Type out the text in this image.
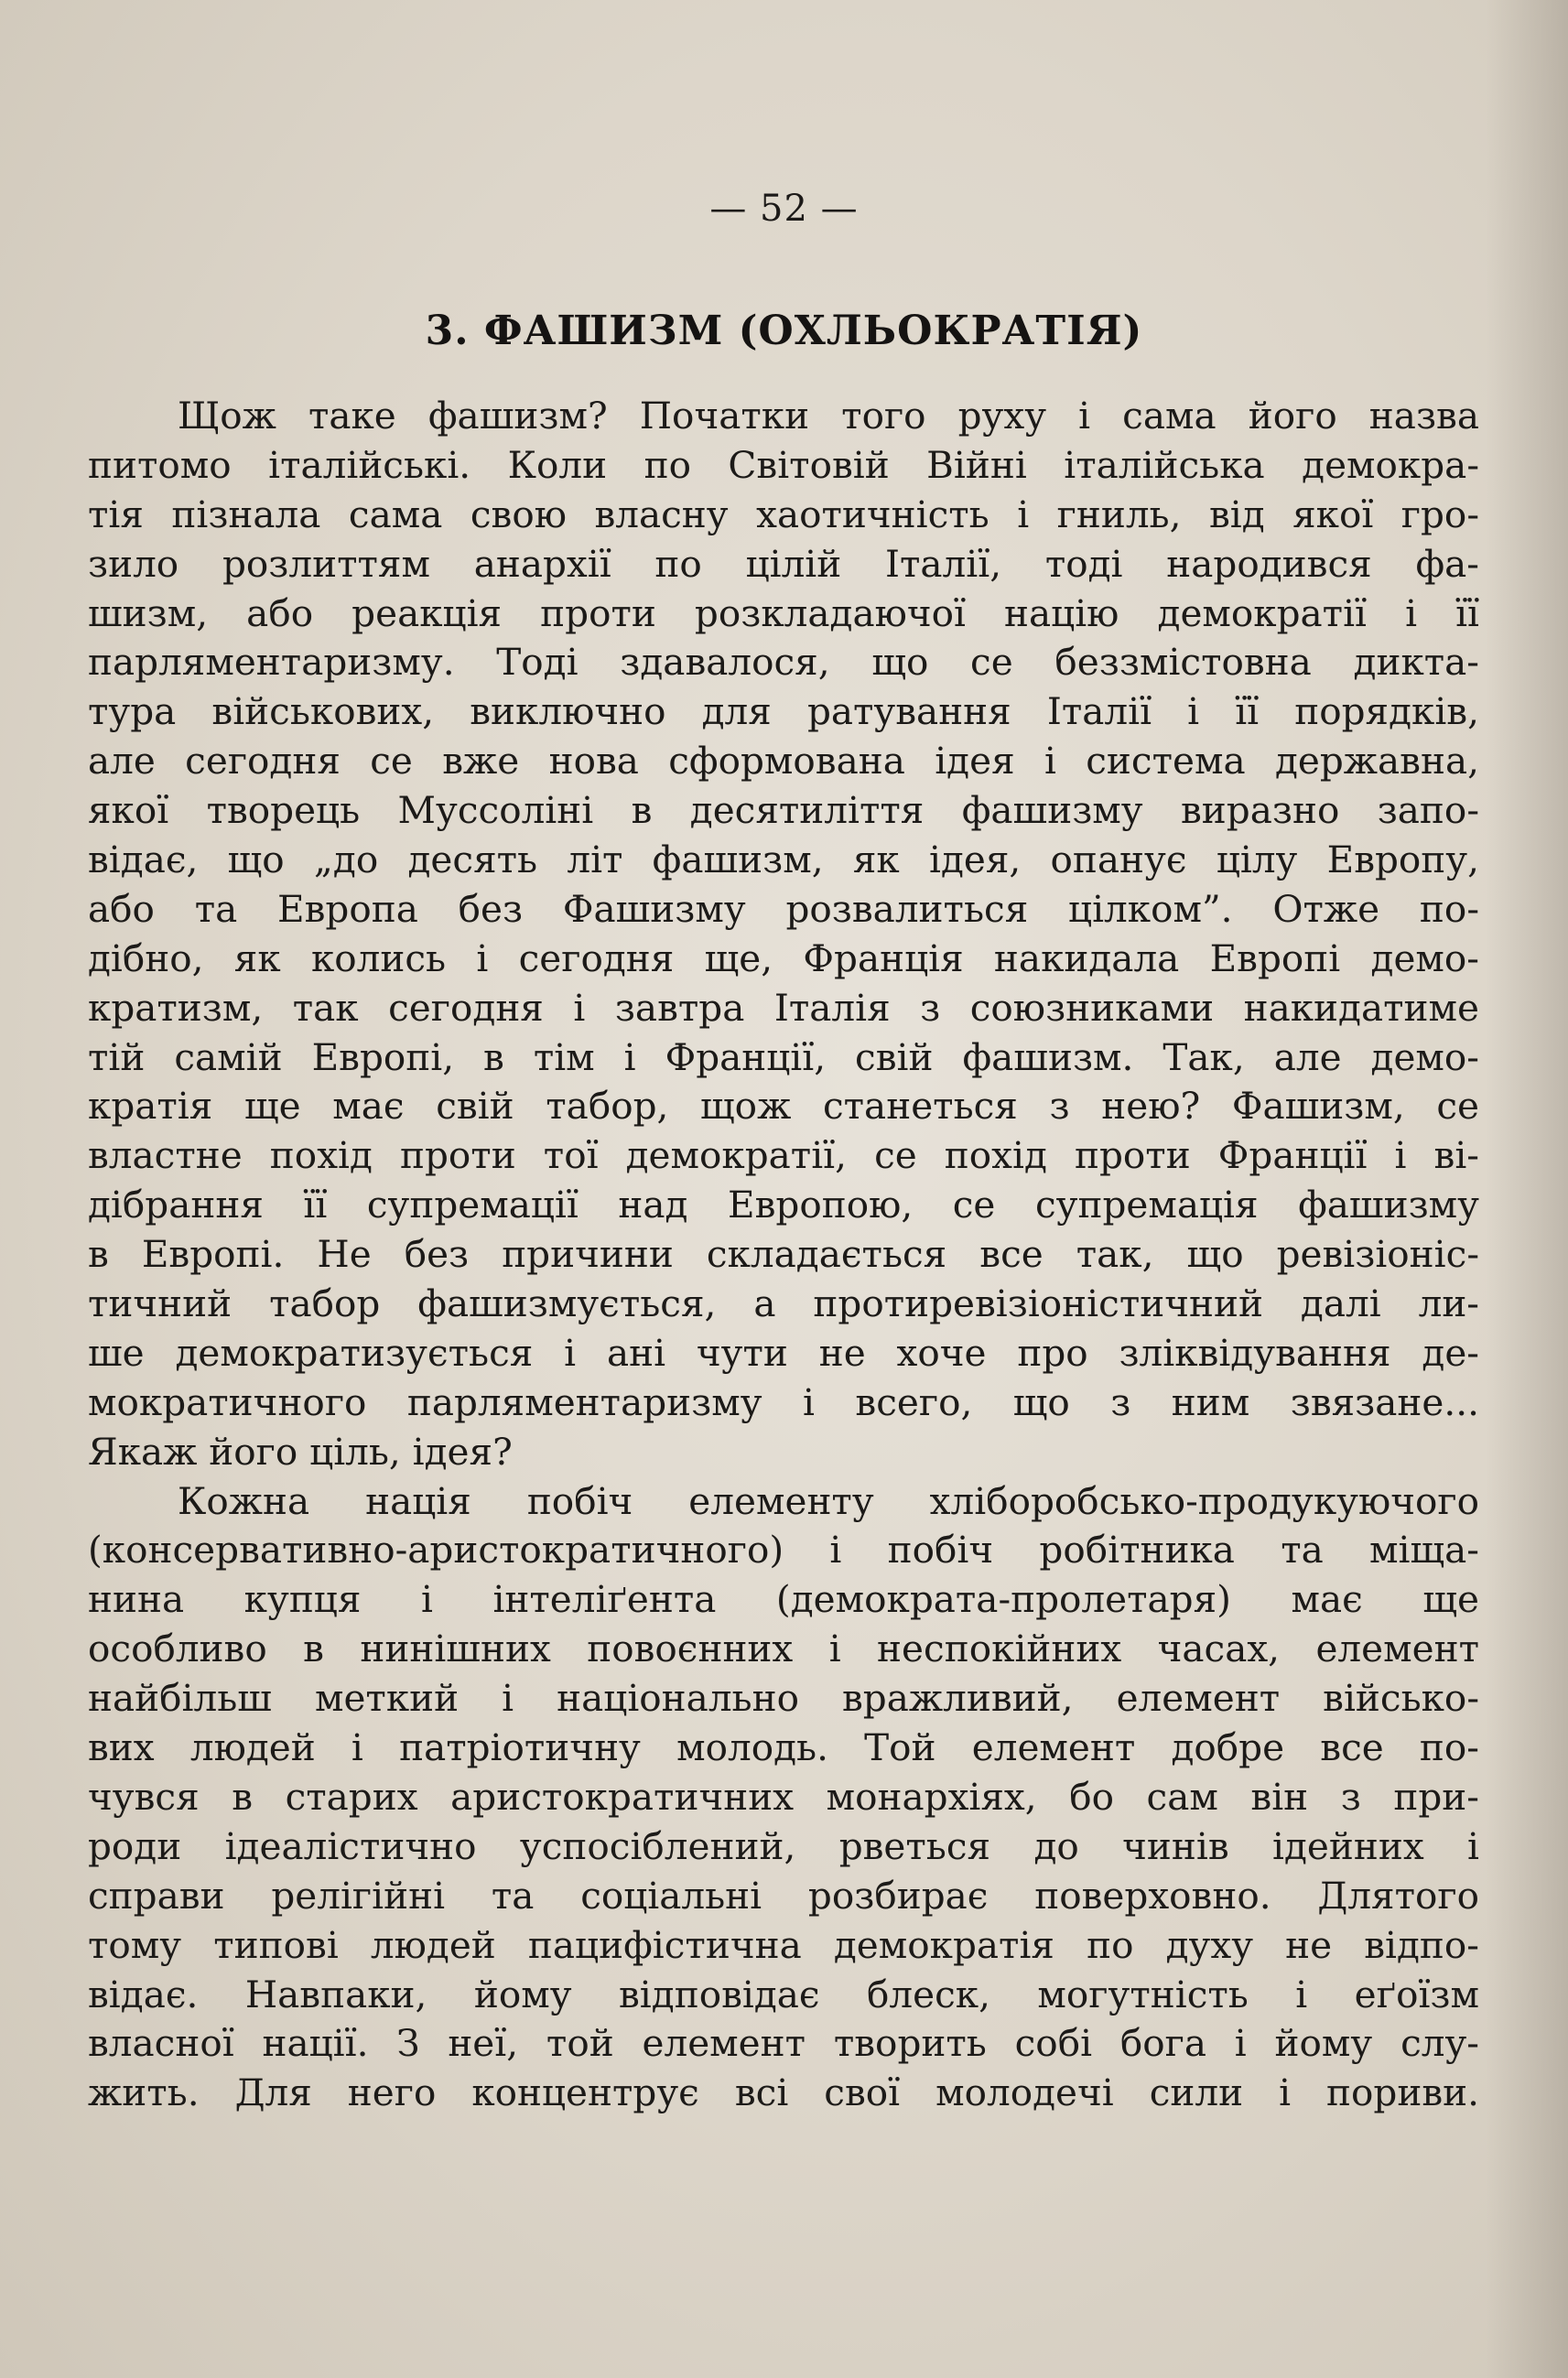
— 52 —
3. ФАШИЗМ (ОХЛЬОКРАТІЯ)
Щож таке фашизм? Початки того руху і сама його назва
питомо італійські. Коли по Світовій Війні італійська демокра-
тія пізнала сама свою власну хаотичність і гниль, від якої гро-
зило розлиттям анархії по цілій Італії, тоді народився фа-
шизм, або реакція проти розкладаючої націю демократії і її
парляментаризму. Тоді здавалося, що се беззмістовна дикта-
тура військових, виключно для ратування Італії і її порядків,
але сегодня се вже нова сформована ідея і система державна,
якої творець Муссоліні в десятиліття фашизму виразно запо-
відає, що „до десять літ фашизм, як ідея, опанує цілу Европу,
або та Европа без Фашизму розвалиться цілком”. Отже по-
дібно, як колись і сегодня ще, Франція накидала Европі демо-
кратизм, так сегодня і завтра Італія з союзниками накидатиме
тій самій Европі, в тім і Франції, свій фашизм. Так, але демо-
кратія ще має свій табор, щож станеться з нею? Фашизм, се
властне похід проти тої демократії, се похід проти Франції і ві-
дібрання її супремації над Европою, се супремація фашизму
в Европі. Не без причини складається все так, що ревізіоніс-
тичний табор фашизмується, а протиревізіоністичний далі ли-
ше демократизується і ані чути не хоче про зліквідування де-
мократичного парляментаризму і всего, що з ним звязане...
Якаж його ціль, ідея?
Кожна нація побіч елементу хліборобсько-продукуючого
(консервативно-аристократичного) і побіч робітника та міща-
нина купця і інтеліґента (демократа-пролетаря) має ще
особливо в нинішних повоєнних і неспокійних часах, елемент
найбільш меткий і національно вражливий, елемент військо-
вих людей і патріотичну молодь. Той елемент добре все по-
чувся в старих аристократичних монархіях, бо сам він з при-
роди ідеалістично успосіблений, рветься до чинів ідейних і
справи релігійні та соціальні розбирає поверховно. Длятого
тому типові людей пацифістична демократія по духу не відпо-
відає. Навпаки, йому відповідає блеск, могутність і еґоїзм
власної нації. З неї, той елемент творить собі бога і йому слу-
жить. Для него концентрує всі свої молодечі сили і пориви.
